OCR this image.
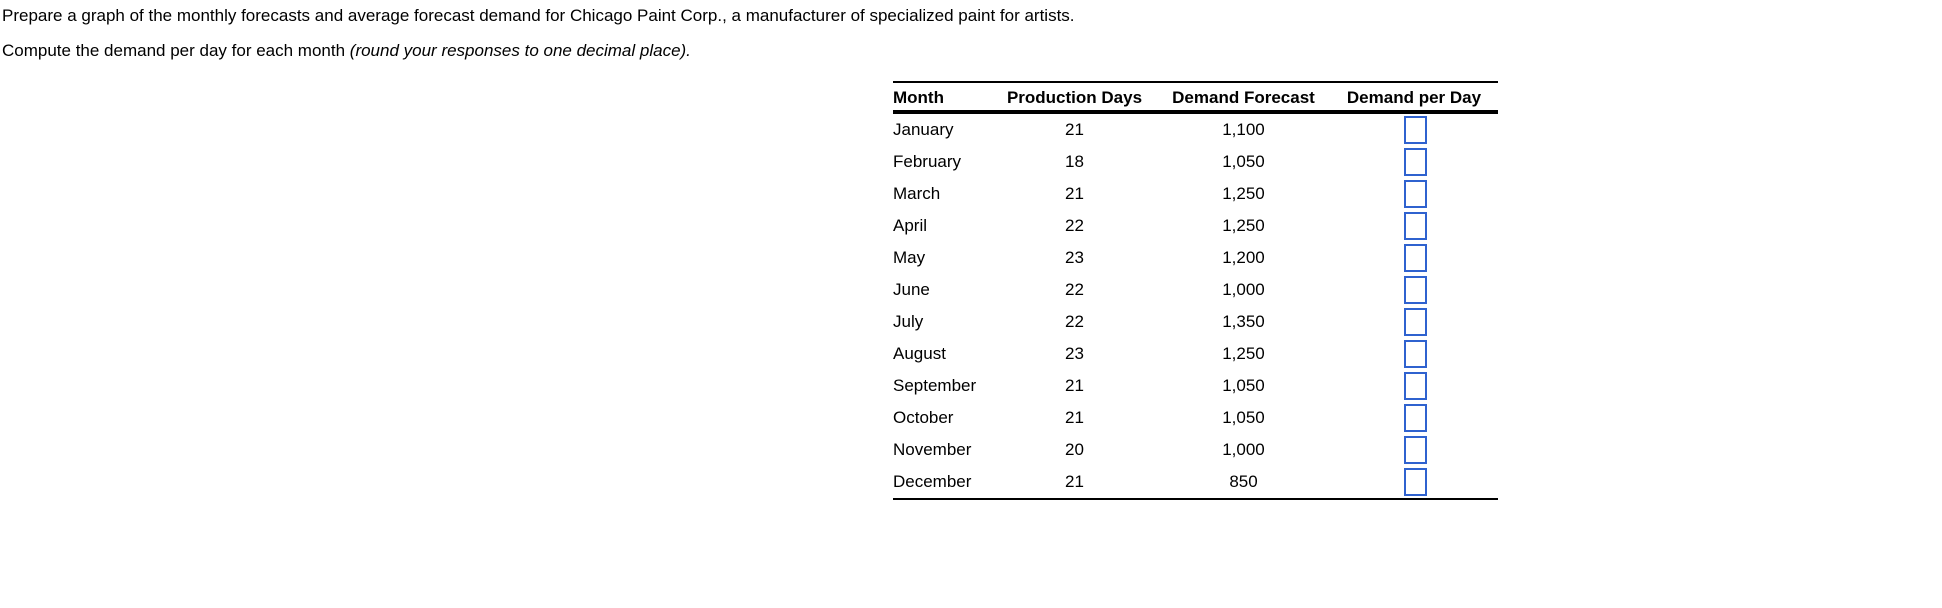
Prepare a graph of the monthly forecasts and average forecast demand for Chicago Paint Corp., a manufacturer of specialized paint for artists.
Compute the demand per day for each month (round your responses to one decimal place).
Month	Production Days	Demand Forecast	Demand per Day
January	21	1,100	
February	18	1,050	
March	21	1,250	
April	22	1,250	
May	23	1,200	
June	22	1,000	
July	22	1,350	
August	23	1,250	
September	21	1,050	
October	21	1,050	
November	20	1,000	
December	21	850	
